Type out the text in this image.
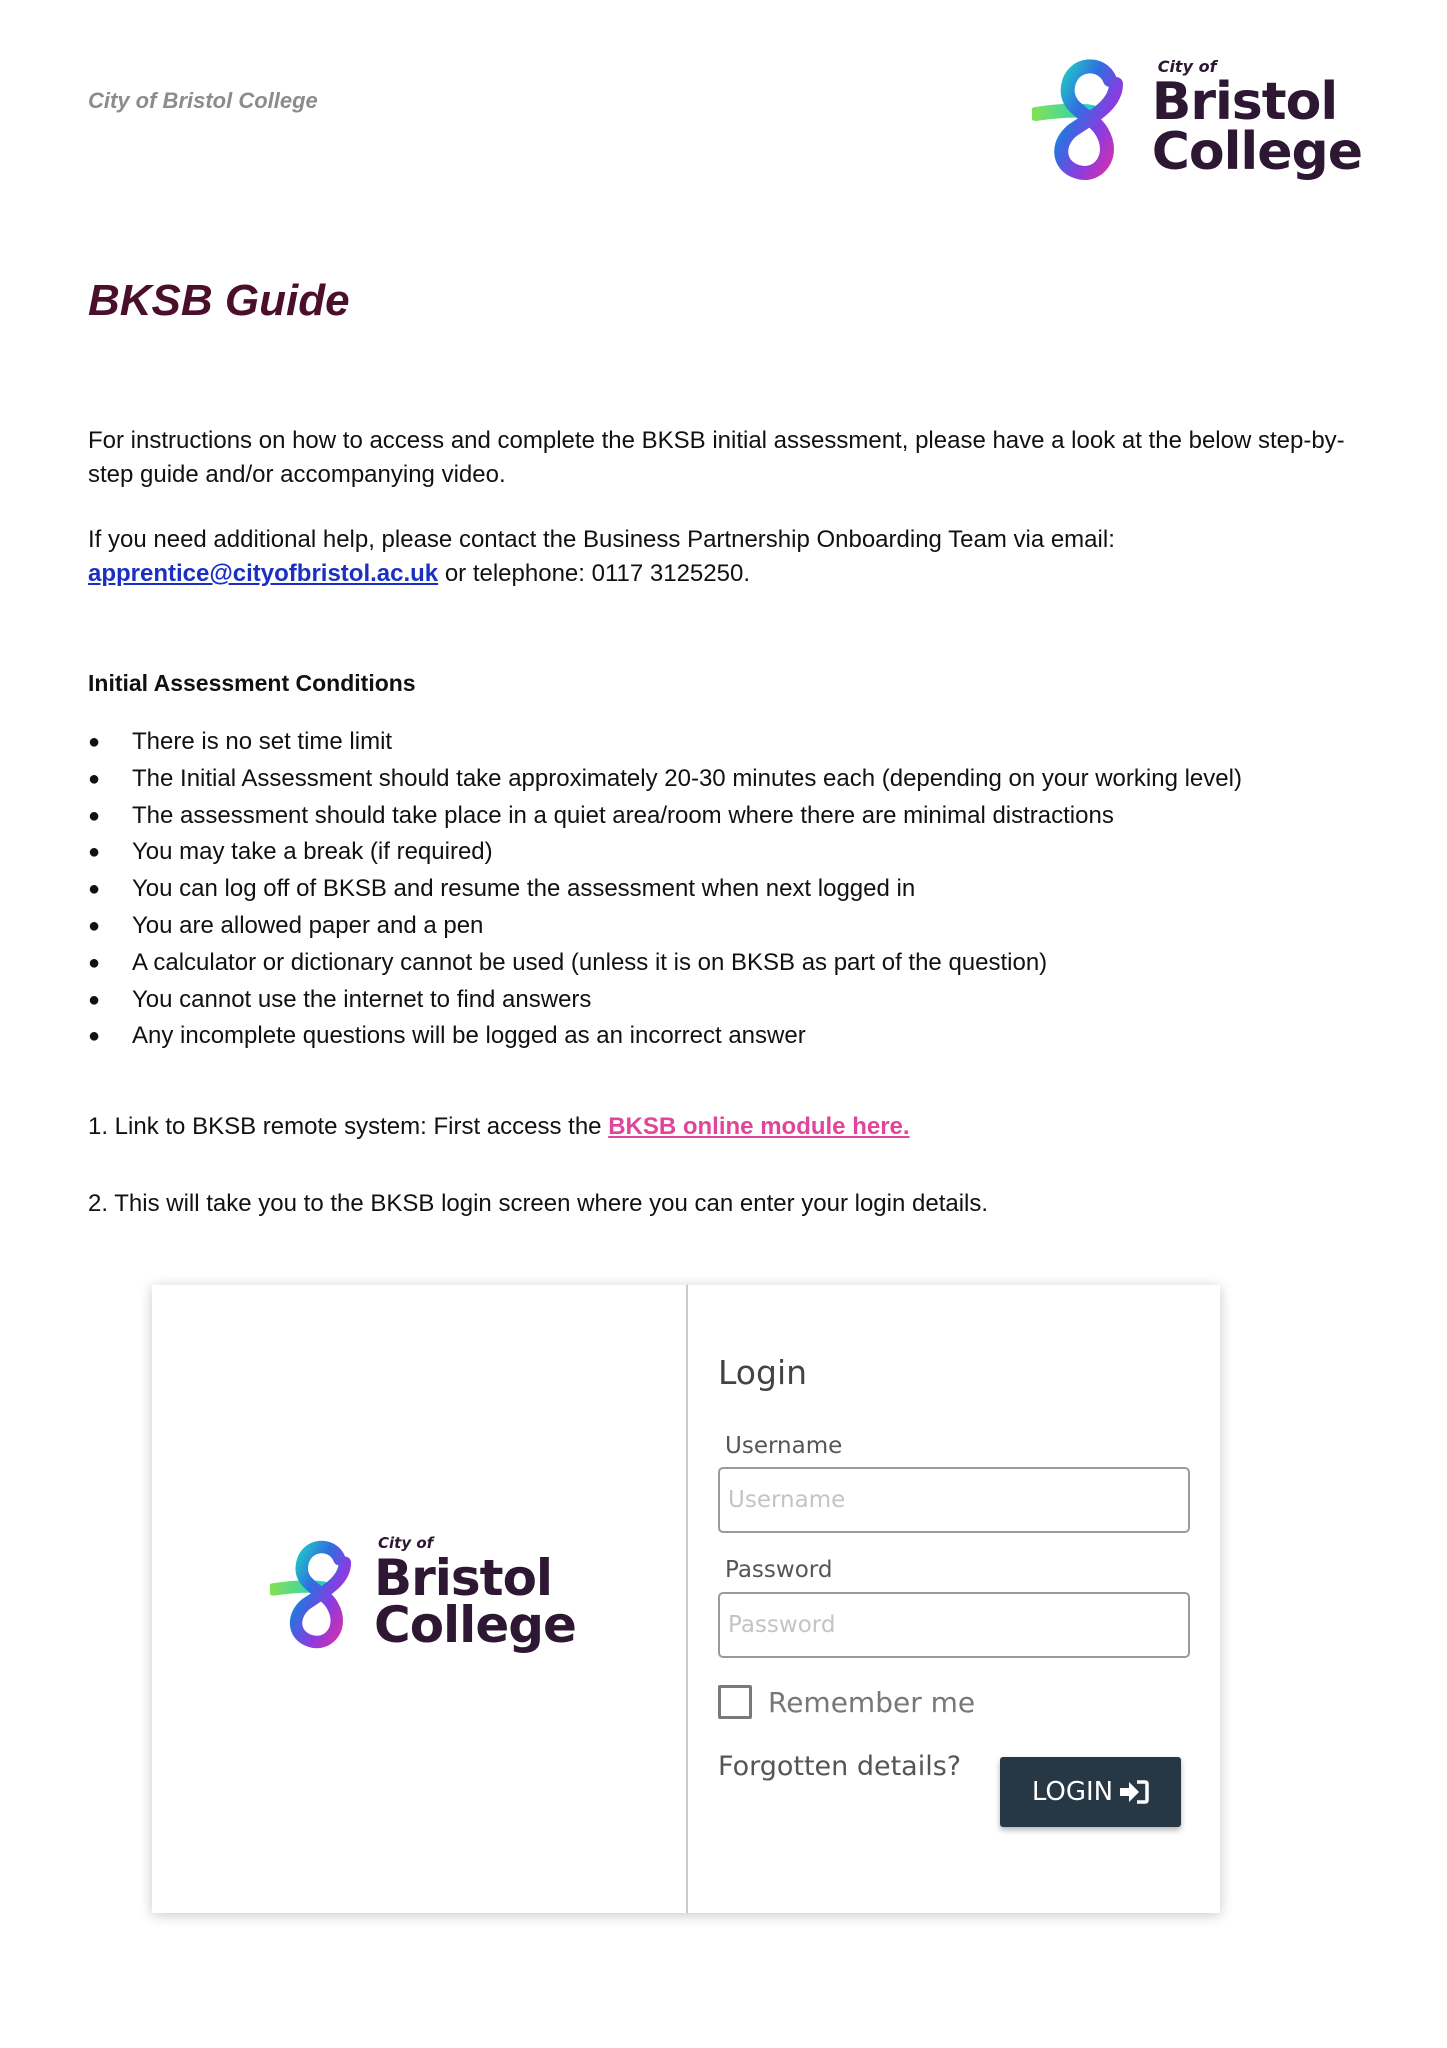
City of Bristol College
City of
Bristol
College
BKSB Guide

For instructions on how to access and complete the BKSB initial assessment, please have a look at the below step-by-step guide and/or accompanying video.

If you need additional help, please contact the Business Partnership Onboarding Team via email:
apprentice@cityofbristol.ac.uk or telephone: 0117 3125250.

Initial Assessment Conditions
● There is no set time limit
● The Initial Assessment should take approximately 20-30 minutes each (depending on your working level)
● The assessment should take place in a quiet area/room where there are minimal distractions
● You may take a break (if required)
● You can log off of BKSB and resume the assessment when next logged in
● You are allowed paper and a pen
● A calculator or dictionary cannot be used (unless it is on BKSB as part of the question)
● You cannot use the internet to find answers
● Any incomplete questions will be logged as an incorrect answer

1. Link to BKSB remote system: First access the BKSB online module here.

2. This will take you to the BKSB login screen where you can enter your login details.

City of
Bristol
College
Login
Username
Username
Password
Remember me
Forgotten details?
LOGIN
